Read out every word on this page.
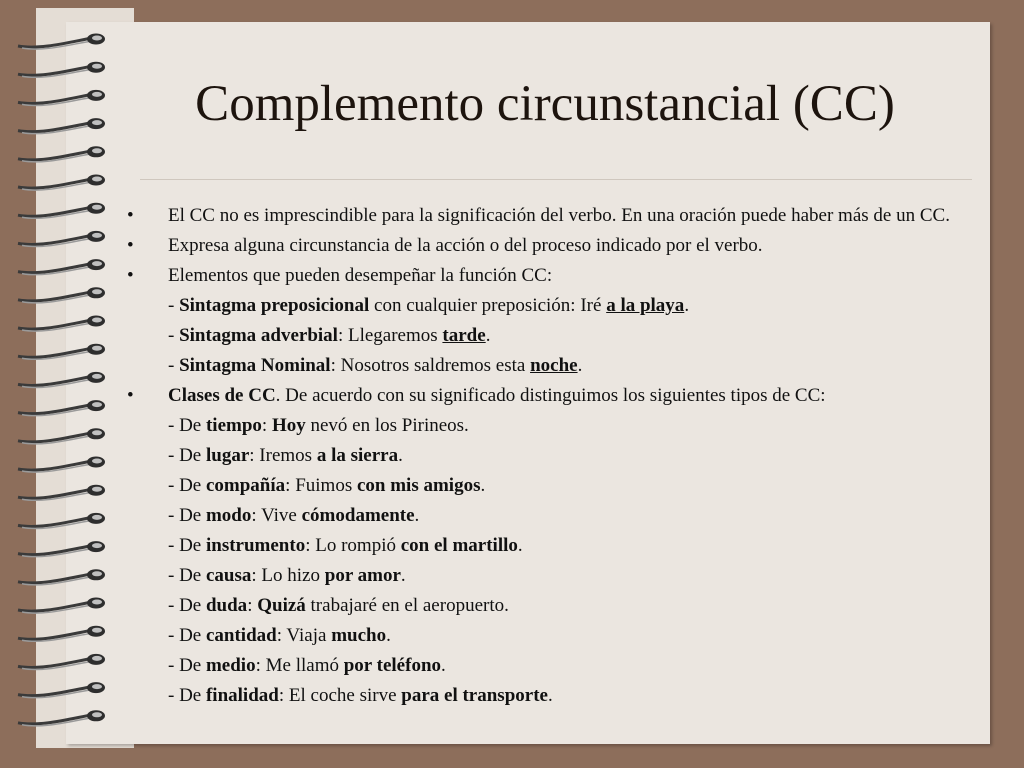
Complemento circunstancial (CC)
• El CC no es imprescindible para la significación del verbo. En una oración puede haber más de un CC.
• Expresa alguna circunstancia de la acción o del proceso indicado por el verbo.
• Elementos que pueden desempeñar la función CC:
- Sintagma preposicional con cualquier preposición: Iré a la playa.
- Sintagma adverbial: Llegaremos tarde.
- Sintagma Nominal: Nosotros saldremos esta noche.
• Clases de CC. De acuerdo con su significado distinguimos los siguientes tipos de CC:
- De tiempo: Hoy nevó en los Pirineos.
- De lugar: Iremos a la sierra.
- De compañía: Fuimos con mis amigos.
- De modo: Vive cómodamente.
- De instrumento: Lo rompió con el martillo.
- De causa: Lo hizo por amor.
- De duda: Quizá trabajaré en el aeropuerto.
- De cantidad: Viaja mucho.
- De medio: Me llamó por teléfono.
- De finalidad: El coche sirve para el transporte.
